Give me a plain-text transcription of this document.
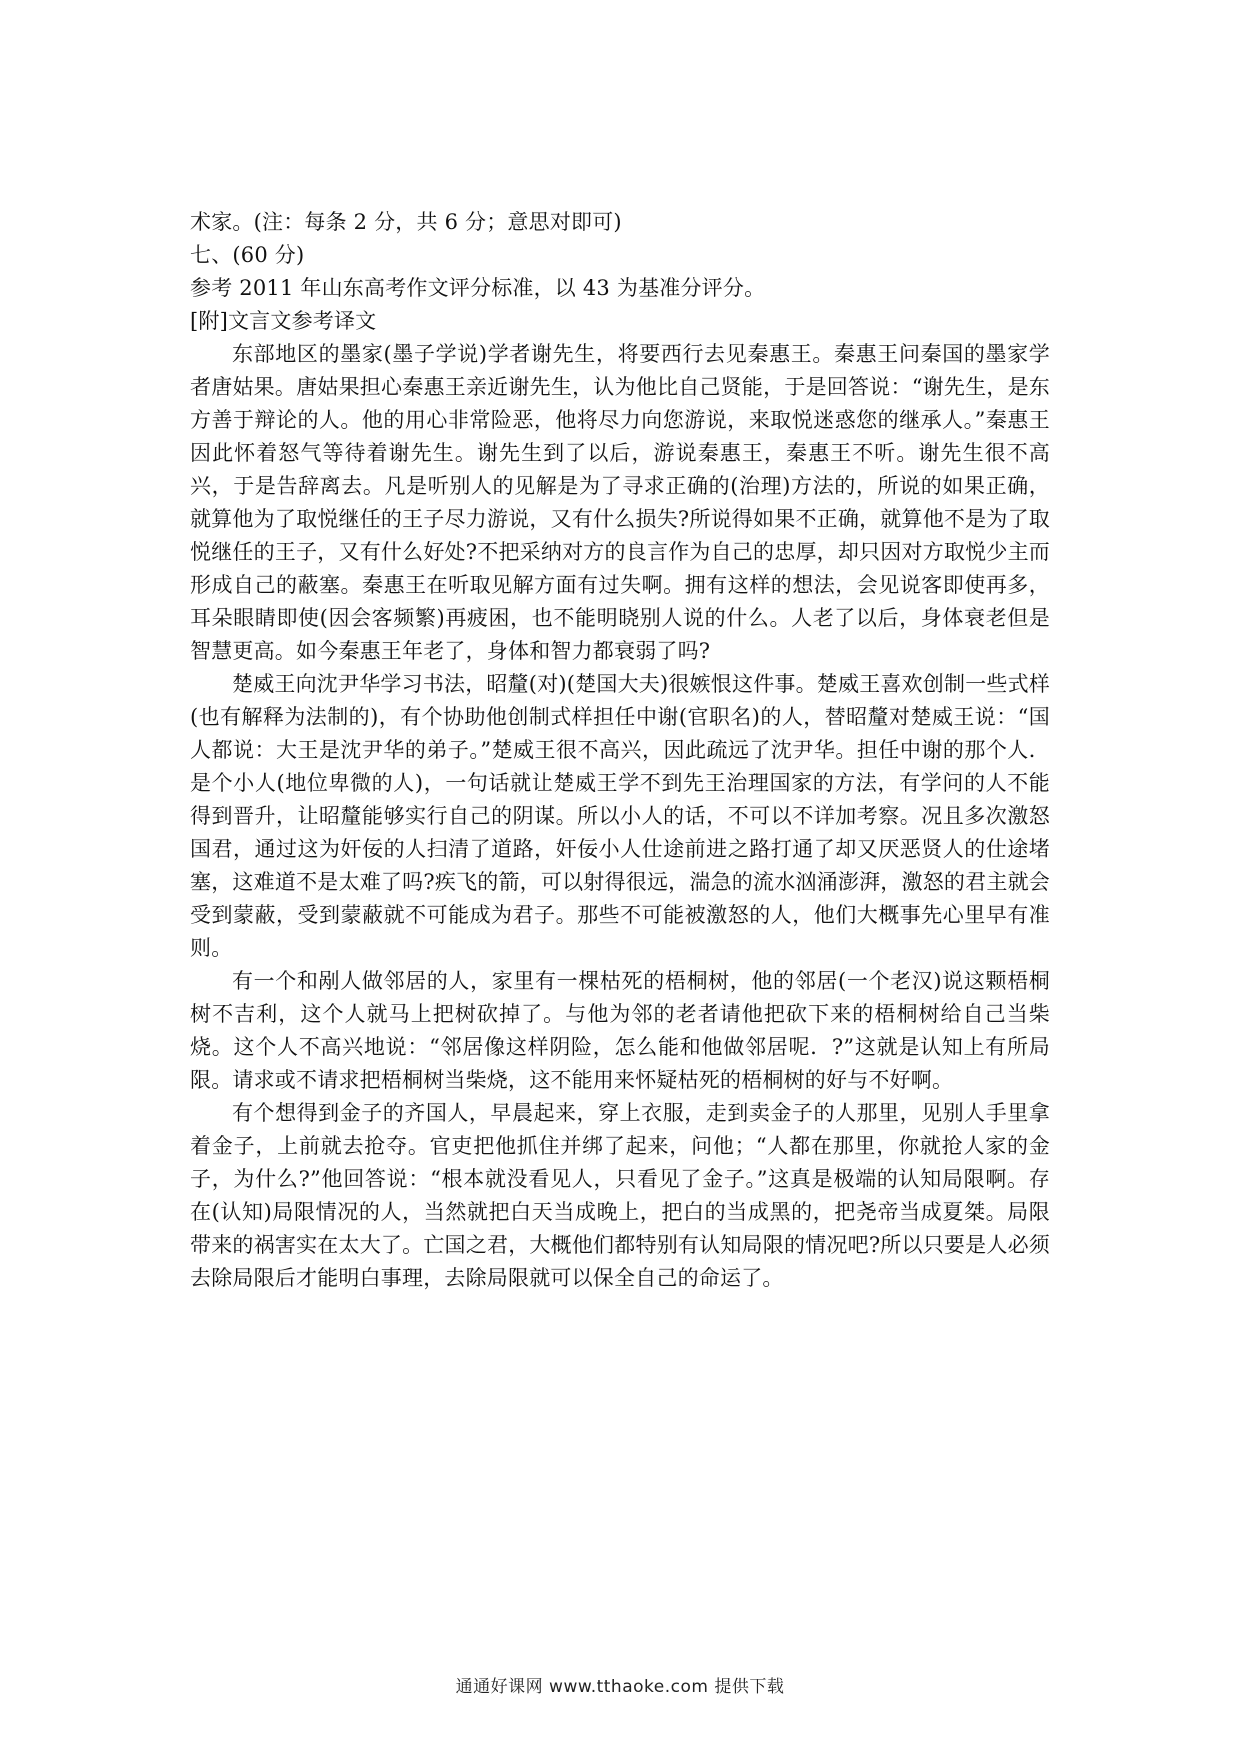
术家。(注：每条 2 分，共 6 分；意思对即可)

七、(60 分)

参考 2011 年山东高考作文评分标准，以 43 为基准分评分。

[附]文言文参考译文

东部地区的墨家(墨子学说)学者谢先生，将要西行去见秦惠王。秦惠王问秦国的墨家学者唐姑果。唐姑果担心秦惠王亲近谢先生，认为他比自己贤能，于是回答说：“谢先生，是东方善于辩论的人。他的用心非常险恶，他将尽力向您游说，来取悦迷惑您的继承人。”秦惠王因此怀着怒气等待着谢先生。谢先生到了以后，游说秦惠王，秦惠王不听。谢先生很不高兴，于是告辞离去。凡是听别人的见解是为了寻求正确的(治理)方法的，所说的如果正确，就算他为了取悦继任的王子尽力游说，又有什么损失?所说得如果不正确，就算他不是为了取悦继任的王子，又有什么好处?不把采纳对方的良言作为自己的忠厚，却只因对方取悦少主而形成自己的蔽塞。秦惠王在听取见解方面有过失啊。拥有这样的想法，会见说客即使再多，耳朵眼睛即使(因会客频繁)再疲困，也不能明晓别人说的什么。人老了以后，身体衰老但是智慧更高。如今秦惠王年老了，身体和智力都衰弱了吗?

楚威王向沈尹华学习书法，昭釐(对)(楚国大夫)很嫉恨这件事。楚威王喜欢创制一些式样(也有解释为法制的)，有个协助他创制式样担任中谢(官职名)的人，替昭釐对楚威王说：“国人都说：大王是沈尹华的弟子。”楚威王很不高兴，因此疏远了沈尹华。担任中谢的那个人．是个小人(地位卑微的人)，一句话就让楚威王学不到先王治理国家的方法，有学问的人不能得到晋升，让昭釐能够实行自己的阴谋。所以小人的话，不可以不详加考察。况且多次激怒国君，通过这为奸佞的人扫清了道路，奸佞小人仕途前进之路打通了却又厌恶贤人的仕途堵塞，这难道不是太难了吗?疾飞的箭，可以射得很远，湍急的流水汹涌澎湃，激怒的君主就会受到蒙蔽，受到蒙蔽就不可能成为君子。那些不可能被激怒的人，他们大概事先心里早有准则。

有一个和剐人做邻居的人，家里有一棵枯死的梧桐树，他的邻居(一个老汉)说这颗梧桐树不吉利，这个人就马上把树砍掉了。与他为邻的老者请他把砍下来的梧桐树给自己当柴烧。这个人不高兴地说：“邻居像这样阴险，怎么能和他做邻居呢．?”这就是认知上有所局限。请求或不请求把梧桐树当柴烧，这不能用来怀疑枯死的梧桐树的好与不好啊。

有个想得到金子的齐国人，早晨起来，穿上衣服，走到卖金子的人那里，见别人手里拿着金子，上前就去抢夺。官吏把他抓住并绑了起来，问他；“人都在那里，你就抢人家的金子，为什么?”他回答说：“根本就没看见人，只看见了金子。”这真是极端的认知局限啊。存在(认知)局限情况的人，当然就把白天当成晚上，把白的当成黑的，把尧帝当成夏桀。局限带来的祸害实在太大了。亡国之君，大概他们都特别有认知局限的情况吧?所以只要是人必须去除局限后才能明白事理，去除局限就可以保全自己的命运了。

通通好课网 www.tthaoke.com 提供下载
